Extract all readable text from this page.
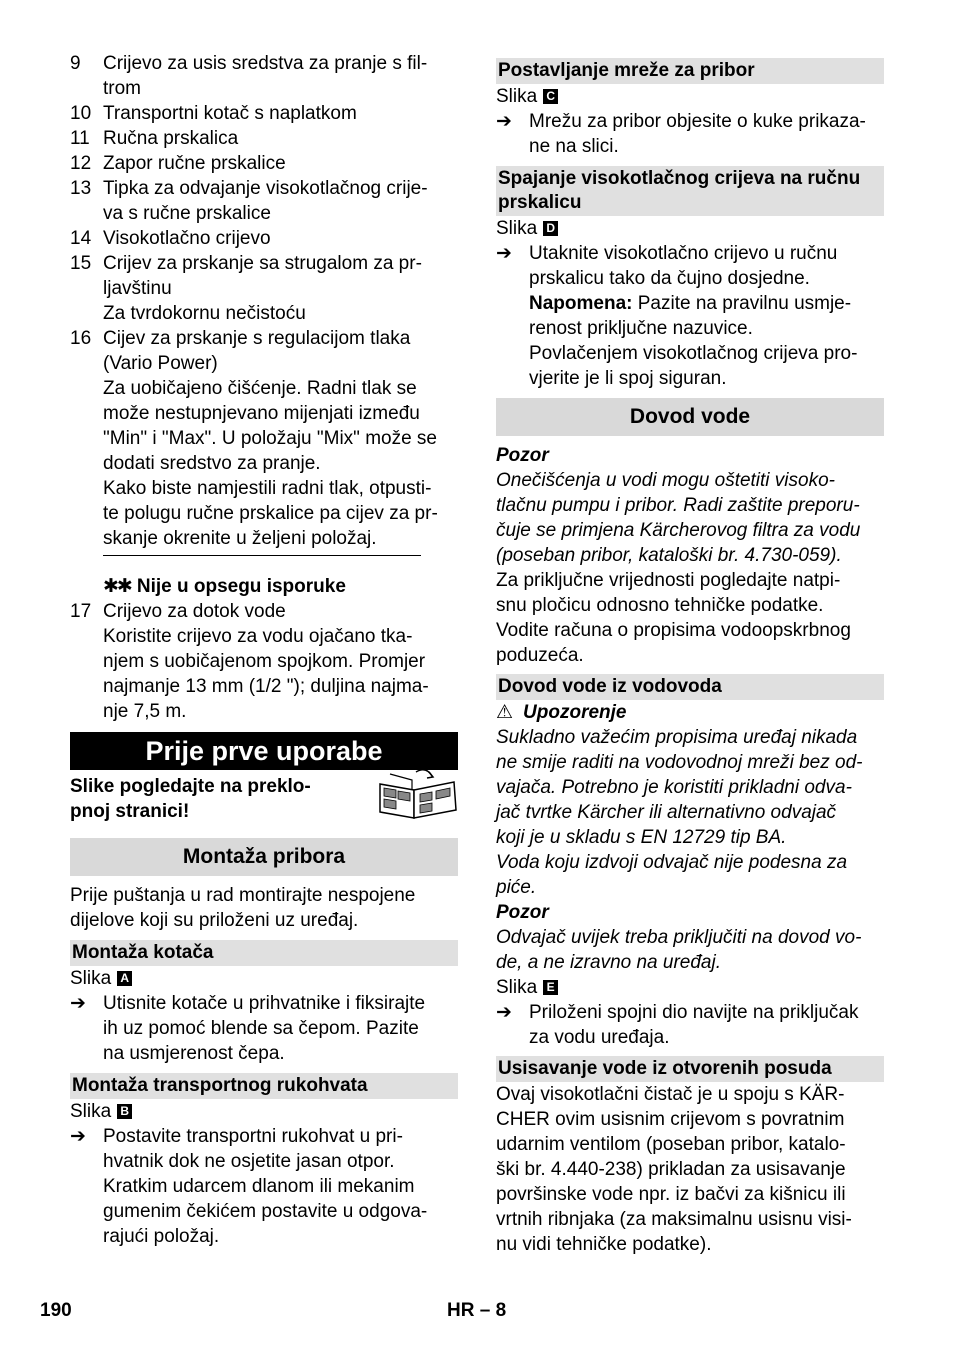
9 Crijevo za usis sredstva za pranje s fil-

trom

10 Transportni kotač s naplatkom

11 Ručna prskalica

12 Zapor ručne prskalice

13 Tipka za odvajanje visokotlačnog crije-

va s ručne prskalice

14 Visokotlačno crijevo

15 Crijev za prskanje sa strugalom za pr-

ljavštinu

Za tvrdokornu nečistoću

16 Cijev za prskanje s regulacijom tlaka

(Vario Power)

Za uobičajeno čišćenje. Radni tlak se

može nestupnjevano mijenjati između

"Min" i "Max". U položaju "Mix" može se

dodati sredstvo za pranje.

Kako biste namjestili radni tlak, otpusti-

te polugu ručne prskalice pa cijev za pr-

skanje okrenite u željeni položaj.

✱✱ Nije u opsegu isporuke

17 Crijevo za dotok vode

Koristite crijevo za vodu ojačano tka-

njem s uobičajenom spojkom. Promjer

najmanje 13 mm (1/2 "); duljina najma-

nje 7,5 m.

Prije prve uporabe

Slike pogledajte na preklo-

pnoj stranici!

Montaža pribora

Prije puštanja u rad montirajte nespojene

dijelove koji su priloženi uz uređaj.

Montaža kotača

Slika A

➔ Utisnite kotače u prihvatnike i fiksirajte

ih uz pomoć blende sa čepom. Pazite

na usmjerenost čepa.

Montaža transportnog rukohvata

Slika B

➔ Postavite transportni rukohvat u pri-

hvatnik dok ne osjetite jasan otpor.

Kratkim udarcem dlanom ili mekanim

gumenim čekićem postavite u odgova-

rajući položaj.

Postavljanje mreže za pribor

Slika C

➔ Mrežu za pribor objesite o kuke prikaza-

ne na slici.

Spajanje visokotlačnog crijeva na ručnu
prskalicu

Slika D

➔ Utaknite visokotlačno crijevo u ručnu

prskalicu tako da čujno dosjedne.

Napomena: Pazite na pravilnu usmje-

renost priključne nazuvice.

Povlačenjem visokotlačnog crijeva pro-

vjerite je li spoj siguran.

Dovod vode

Pozor

Onečišćenja u vodi mogu oštetiti visoko-

tlačnu pumpu i pribor. Radi zaštite preporu-

čuje se primjena Kärcherovog filtra za vodu

(poseban pribor, kataloški br. 4.730-059).

Za priključne vrijednosti pogledajte natpi-

snu pločicu odnosno tehničke podatke.

Vodite računa o propisima vodoopskrbnog

poduzeća.

Dovod vode iz vodovoda

⚠ Upozorenje

Sukladno važećim propisima uređaj nikada

ne smije raditi na vodovodnoj mreži bez od-

vajača. Potrebno je koristiti prikladni odva-

jač tvrtke Kärcher ili alternativno odvajač

koji je u skladu s EN 12729 tip BA.

Voda koju izdvoji odvajač nije podesna za

piće.

Pozor

Odvajač uvijek treba priključiti na dovod vo-

de, a ne izravno na uređaj.

Slika E

➔ Priloženi spojni dio navijte na priključak

za vodu uređaja.

Usisavanje vode iz otvorenih posuda

Ovaj visokotlačni čistač je u spoju s KÄR-

CHER ovim usisnim crijevom s povratnim

udarnim ventilom (poseban pribor, katalo-

ški br. 4.440-238) prikladan za usisavanje

površinske vode npr. iz bačvi za kišnicu ili

vrtnih ribnjaka (za maksimalnu usisnu visi-

nu vidi tehničke podatke).

190	HR – 8
